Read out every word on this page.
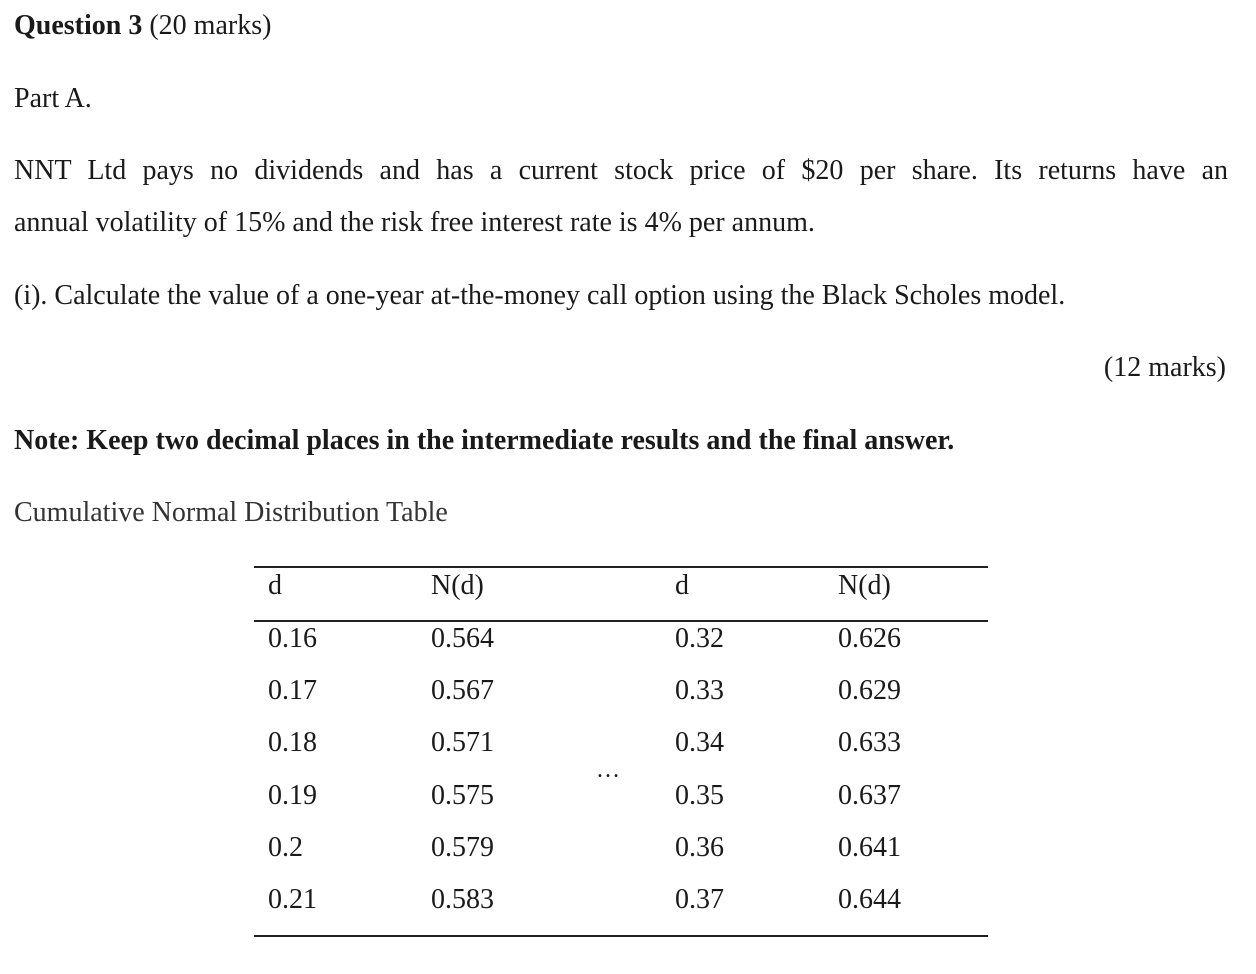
Question 3 (20 marks)

Part A.

NNT Ltd pays no dividends and has a current stock price of $20 per share. Its returns have an

annual volatility of 15% and the risk free interest rate is 4% per annum.

(i). Calculate the value of a one-year at-the-money call option using the Black Scholes model.

(12 marks)

Note: Keep two decimal places in the intermediate results and the final answer.

Cumulative Normal Distribution Table

d	N(d)	d	N(d)

0.16	0.564	0.32	0.626

0.17	0.567	0.33	0.629

0.18	0.571	0.34	0.633

0.19	0.575	0.35	0.637

0.2	0.579	0.36	0.641

0.21	0.583	0.37	0.644

…
